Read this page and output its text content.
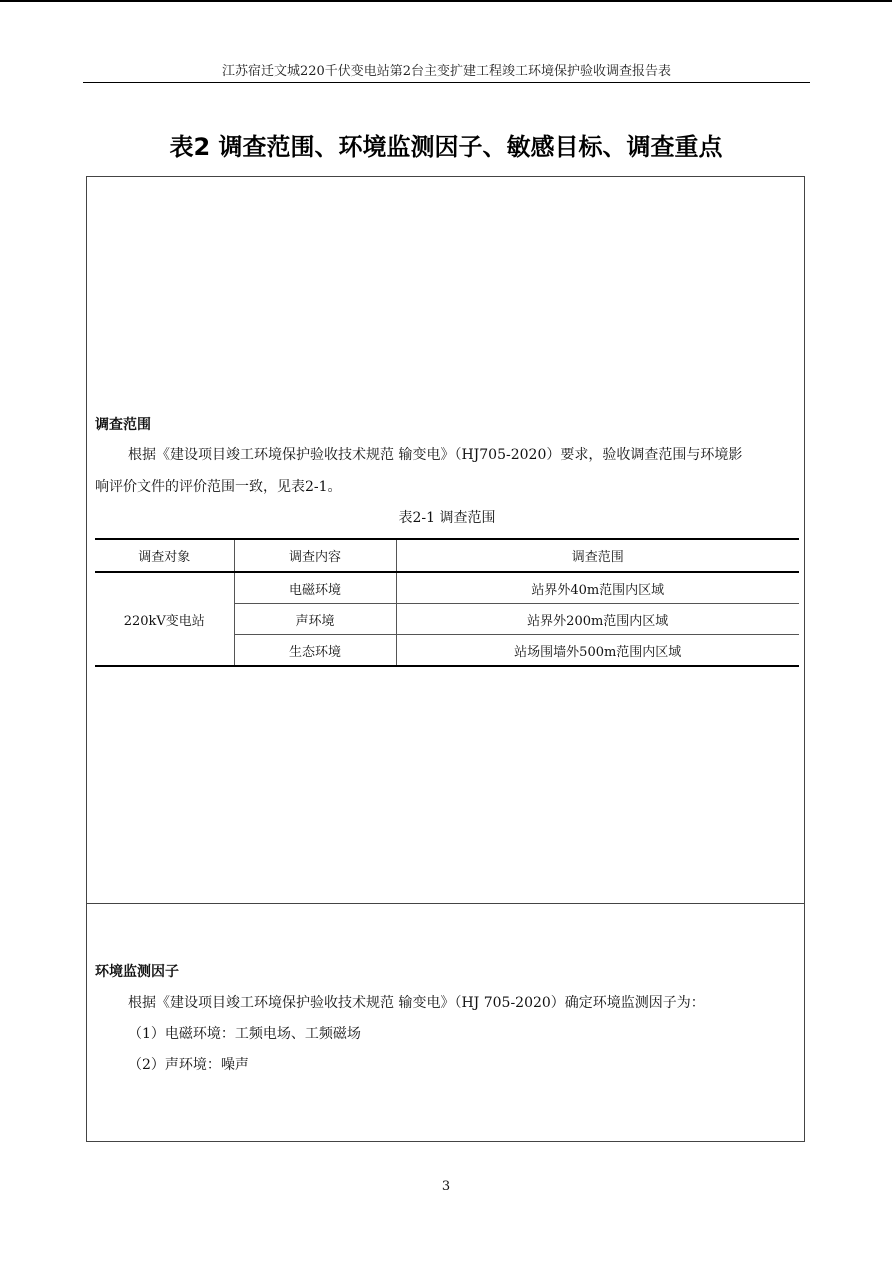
江苏宿迁文城220千伏变电站第2台主变扩建工程竣工环境保护验收调查报告表
表2 调查范围、环境监测因子、敏感目标、调查重点
调查范围
根据《建设项目竣工环境保护验收技术规范 输变电》（HJ705-2020）要求，验收调查范围与环境影
响评价文件的评价范围一致，见表2-1。
表2-1 调查范围
调查对象	调查内容	调查范围
220kV变电站	电磁环境	站界外40m范围内区域
	声环境	站界外200m范围内区域
	生态环境	站场围墙外500m范围内区域
环境监测因子
根据《建设项目竣工环境保护验收技术规范 输变电》（HJ 705-2020）确定环境监测因子为：
（1）电磁环境：工频电场、工频磁场
（2）声环境：噪声
3
